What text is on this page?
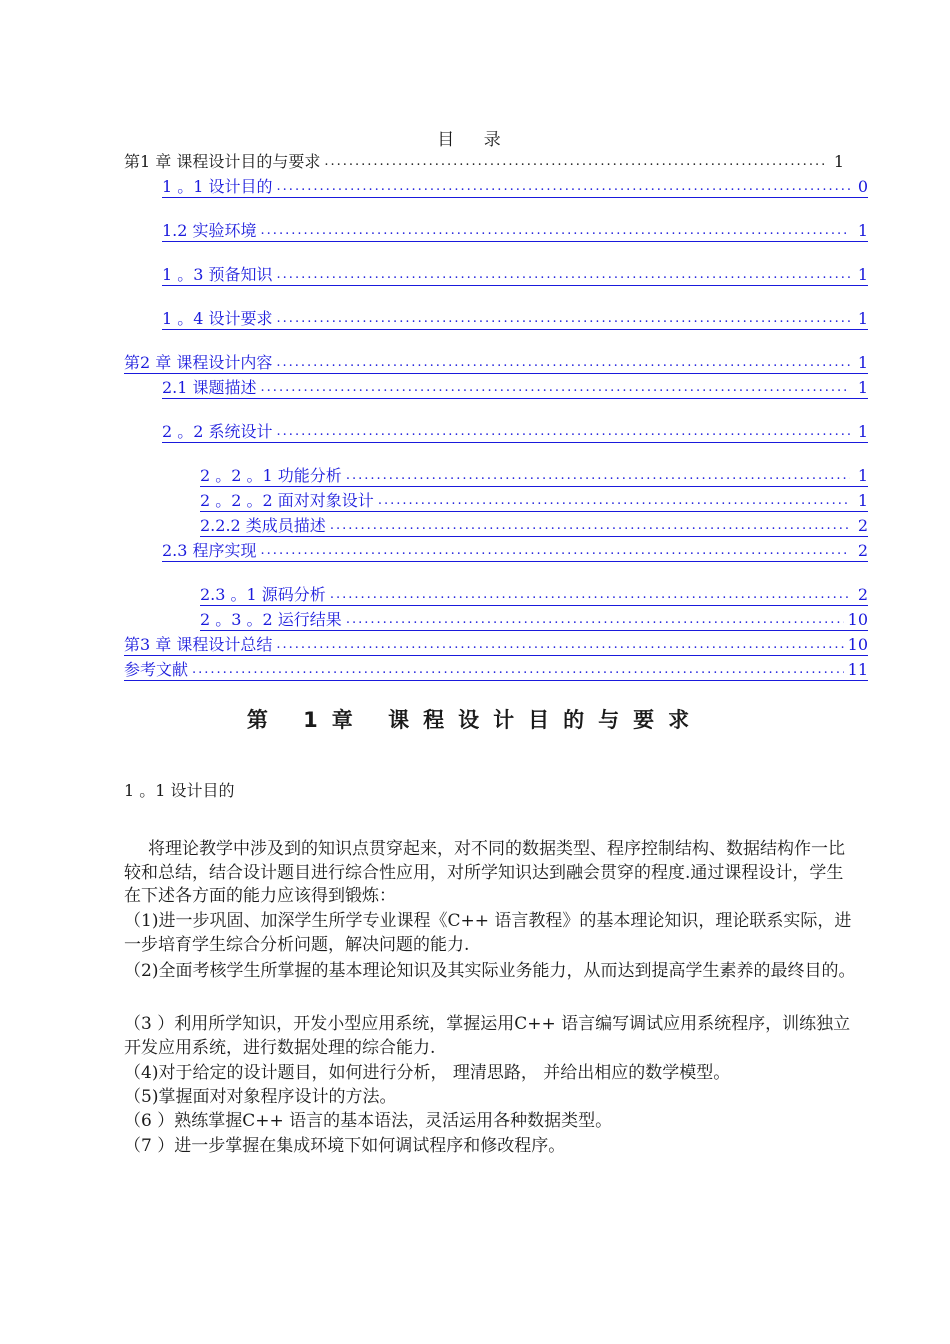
目 录
第1 章 课程设计目的与要求 .....	1
1 。1 设计目的 .....	0
1.2 实验环境 .....	1
1 。3 预备知识 .....	1
1 。4 设计要求 .....	1
第2 章 课程设计内容 .....	1
2.1 课题描述 .....	1
2 。2 系统设计 .....	1
2 。2 。1 功能分析 .....	1
2 。2 。2 面对对象设计 .....	1
2.2.2 类成员描述 .....	2
2.3 程序实现 .....	2
2.3 。1 源码分析 .....	2
2 。3 。2 运行结果 .....	10
第3 章 课程设计总结 .....	10
参考文献 .....	11
第 1章 课程设计目的与要求
1 。1 设计目的
将理论教学中涉及到的知识点贯穿起来，对不同的数据类型、程序控制结构、数据结构作一比较和总结，结合设计题目进行综合性应用，对所学知识达到融会贯穿的程度.通过课程设计，学生在下述各方面的能力应该得到锻炼：
（1)进一步巩固、加深学生所学专业课程《C++ 语言教程》的基本理论知识，理论联系实际，进一步培育学生综合分析问题，解决问题的能力.
（2)全面考核学生所掌握的基本理论知识及其实际业务能力，从而达到提高学生素养的最终目的。
（3 ）利用所学知识，开发小型应用系统，掌握运用C++ 语言编写调试应用系统程序，训练独立开发应用系统，进行数据处理的综合能力.
（4)对于给定的设计题目，如何进行分析， 理清思路， 并给出相应的数学模型。
（5)掌握面对对象程序设计的方法。
（6 ）熟练掌握C++ 语言的基本语法，灵活运用各种数据类型。
（7 ）进一步掌握在集成环境下如何调试程序和修改程序。
